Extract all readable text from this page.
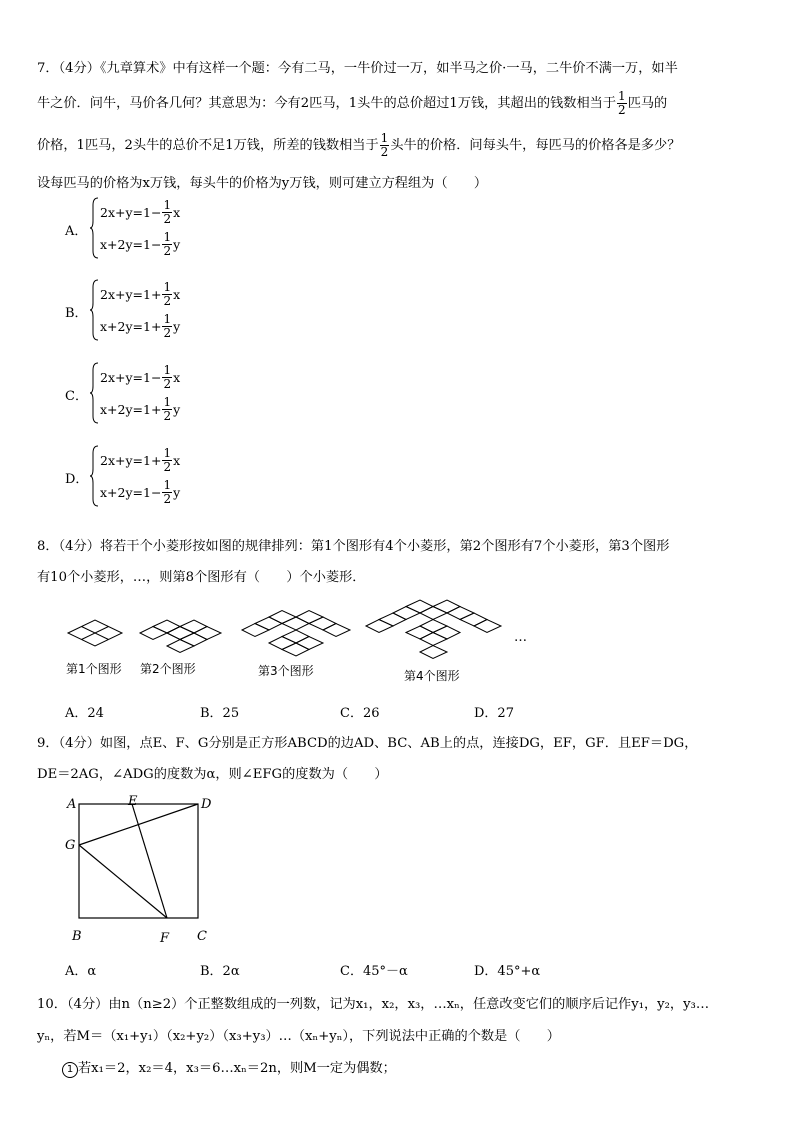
7．（4分）《九章算术》中有这样一个题：今有二马，一牛价过一万，如半马之价·一马，二牛价不满一万，如半
牛之价．问牛，马价各几何？其意思为：今有2匹马，1头牛的总价超过1万钱，其超出的钱数相当于 $\frac{1}{2}$ 匹马的
价格，1匹马，2头牛的总价不足1万钱，所差的钱数相当于 $\frac{1}{2}$ 头牛的价格．问每头牛，每匹马的价格各是多少？
设每匹马的价格为x万钱，每头牛的价格为y万钱，则可建立方程组为（　　）
A．
$2x+y=1- \frac{1}{2}$ x
$x+2y=1- \frac{1}{2}$ y
B．
$2x+y=1+ \frac{1}{2}$ x
$x+2y=1+ \frac{1}{2}$ y
C．
$2x+y=1- \frac{1}{2}$ x
$x+2y=1+ \frac{1}{2}$ y
D．
$2x+y=1+ \frac{1}{2}$ x
$x+2y=1- \frac{1}{2}$ y
8．（4分）将若干个小菱形按如图的规律排列：第1个图形有4个小菱形，第2个图形有7个小菱形，第3个图形
有10个小菱形，…，则第8个图形有（　　）个小菱形．
第1个图形 第2个图形	第3个图形	第4个图形
…
A．24	B．25	C．26	D．27
9．（4分）如图，点E、F、G分别是正方形ABCD的边AD、BC、AB上的点，连接DG，EF，GF．且EF＝DG，
DE＝2AG，∠ADG的度数为α，则∠EFG的度数为（　　）
A	E	D
G
B	F C
A．α	B．2α	C．45°－α	D．45°+α
10．（4分）由n（n≥2）个正整数组成的一列数，记为x₁，x₂，x₃，…xₙ，任意改变它们的顺序后记作y₁，y₂，y₃…
yₙ，若M＝（x₁+y₁）（x₂+y₂）（x₃+y₃）…（xₙ+yₙ），下列说法中正确的个数是（　　）
1 若x₁＝2，x₂＝4，x₃＝6…xₙ＝2n，则M一定为偶数；
